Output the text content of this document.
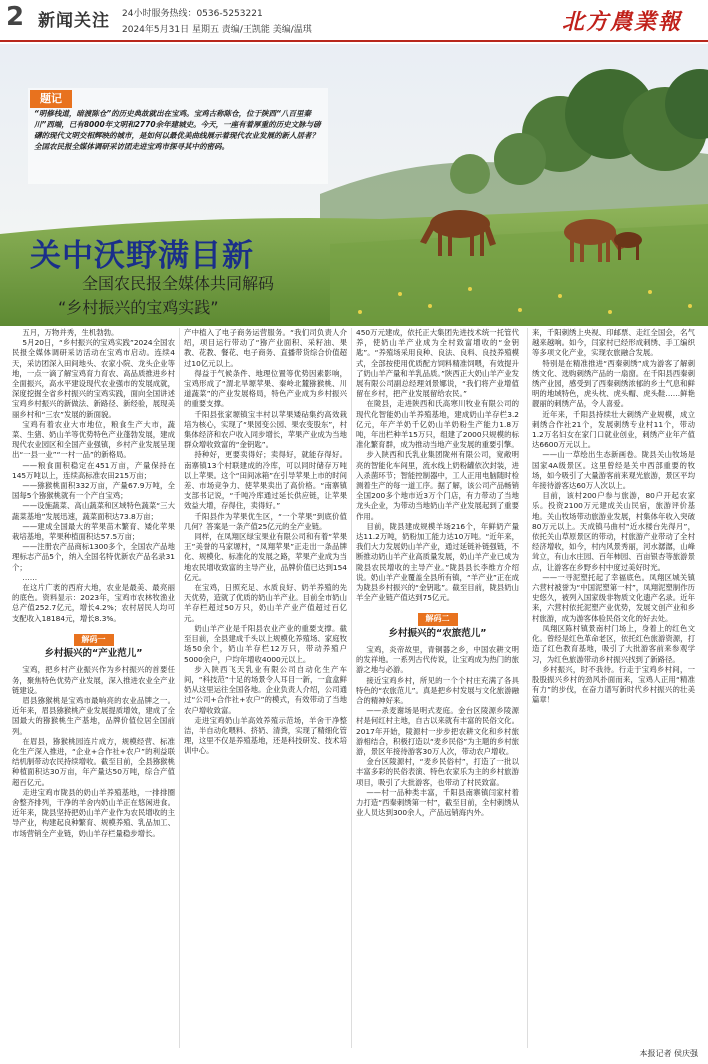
2 新闻关注 24小时服务热线：0536-5253221
2024年5月31日 星期五 责编/王凯能 美编/温琪	北方農業報
题记
“明修栈道，暗渡陈仓”的历史典故就出在宝鸡。宝鸡古称陈仓，位于陕西“八百里秦川”西端，已有8000年文明和2770余年建城史。今天，一座有着厚重的历史文脉与磅礴的现代文明交相辉映的城市，是如何以最优美曲线展示着现代农业发展的新人居者？全国农民报全媒体调研采访团走进宝鸡市探寻其中的密码。
关中沃野满目新
全国农民报全媒体共同解码
“乡村振兴的宝鸡实践”

五月，万物并秀，生机勃勃。

5月20日，“乡村振兴的宝鸡实践”2024全国农民报全媒体调研采访活动在宝鸡市启动。连续4天，采访团深入田间地头、农家小院、龙头企业等地，一点一滴了解宝鸡育力育农、高品质推进乡村全面振兴，高水平建设现代农业强市的发展成就，深度挖掘全省乡村振兴的宝鸡实践，面向全国讲述宝鸡乡村振兴的新做法、新路径、新经验，展现美丽乡村和“三农”发展的新面貌。

宝鸡有着农业大市地位，粮食生产大市，蔬菜、生猪、奶山羊等优势特色产业蓬勃发展，建成现代农业园区和全国产业强镇，乡村产业发展呈现出“一县一业”“一村一品”的新格局。

——粮食面积稳定在451万亩，产量保持在145万吨以上，连续高标准农田215万亩；

——猕猴桃面积332万亩，产量67.9万吨，全国每5个猕猴桃就有一个产自宝鸡；

——设施蔬菜、高山蔬菜和区域特色蔬菜“三大蔬菜基地”发展迅速，蔬菜面积达73.8万亩；

——建成全国最大的苹果苗木繁育、矮化苹果栽培基地，苹果种植面积达57.5万亩；

——注册农产品商标1300多个，全国农产品地理标志产品5个，纳入全国名特优新农产品名录31个；

……

在这片广袤的西府大地，农业是最美、最亮丽的底色。资料显示：2023年，宝鸡市农林牧渔业总产值252.7亿元，增长4.2%；农村居民人均可支配收入18184元，增长8.3%。

解码一
乡村振兴的“产业范儿”

宝鸡，把乡村产业振兴作为乡村振兴的首要任务，聚焦特色优势产业发展，深入推进农业全产业链建设。

眉县猕猴桃是宝鸡市最响亮的农业品牌之一。近年来，眉县猕猴桃产业发展提质增效，建成了全国最大的猕猴桃生产基地，品牌价值位居全国前列。

在眉县，猕猴桃园连片成方，规模经营、标准化生产深入推进，“企业+合作社+农户”的利益联结机制带动农民持续增收。截至目前，全县猕猴桃种植面积达30万亩，年产量达50万吨，综合产值超百亿元。

走进宝鸡市陇县的奶山羊养殖基地，一排排圈舍整齐排列，干净的羊舍内奶山羊正在悠闲进食。近年来，陇县坚持把奶山羊产业作为农民增收的主导产业，构建起良种繁育、规模养殖、乳品加工、市场营销全产业链，奶山羊存栏量稳步增长。

产中植入了电子商务运营服务。“我们司负责人介绍，项目运行带动了“猕产业面积、采籽油、果教、花教、餐花、电子商务、直播带货综合价值超过10亿元以上。

得益于气候条件、地理位置等优势因素影响，宝鸡形成了“渭北旱塬苹果、秦岭北麓猕猴桃、川道蔬菜”的产业发展格局，特色产业成为乡村振兴的重要支撑。

千阳县张家塬镇宝丰村以苹果矮砧集约高效栽培为核心，实现了“果园变公园、果农变股东”，村集体经济和农户收入同步增长，苹果产业成为当地群众增收致富的“金钥匙”。

持种好，更要卖得好；卖得好，就能存得好。南寨镇13个村联建成的冷库，可以同时储存万吨以上苹果。这个“田间冰箱”在引导苹果上市的时间差、市场竞争力、使苹果卖出了高价格。“南寨镇支部书记说，“千吨冷库通过延长供应链，让苹果效益大增，存得住，卖得好。”

千阳县作为苹果优生区，“一个苹果”到底价值几何？答案是一条产值25亿元的全产业链。

同样，在凤翔区绿宝果业有限公司和有着“苹果王”美誉的马家塬村，“凤翔苹果”正走出一条品牌化、规模化、标准化的发展之路，苹果产业成为当地农民增收致富的主导产业，品牌价值已达到154亿元。

在宝鸡，日照充足、水质良好、奶羊养殖的先天优势，造就了优质的奶山羊产业。目前全市奶山羊存栏超过50万只，奶山羊产业产值超过百亿元。

奶山羊产业是千阳县农业产业的重要支撑。截至目前，全县建成千头以上规模化养殖场、家庭牧场50余个，奶山羊存栏12万只，带动养殖户5000余户，户均年增收4000元以上。

步入陕西飞天乳业有限公司自动化生产车间，“科技范”十足的场景令人耳目一新，一盒盒鲜奶从这里运往全国各地。企业负责人介绍，公司通过“公司+合作社+农户”的模式，有效带动了当地农户增收致富。

走进宝鸡奶山羊高效养殖示范场，羊舍干净整洁，半自动化喂料、挤奶、清粪，实现了精细化管理，这里不仅是养殖基地，还是科技研发、技术培训中心。

450万元建成，依托正大集团先进技术统一托管代养，使奶山羊产业成为全村致富增收的“金钥匙”。“养殖场采用良种、良法、良料、良技养殖模式，全部按使用优质配方饲料精准饲喂，有效提升了奶山羊产量和羊乳品质。”陕西正大奶山羊产业发展有限公司副总经理刘景娜说，“我们将产业增值留在乡村，把产业发展留给农民。”

在陇县，走进陕西和氏高寒川牧业有限公司的现代化智能奶山羊养殖基地，建成奶山羊存栏3.2亿元，年产羊奶千亿奶山羊奶粉生产能力1.8万吨，年出栏种羊15万只，组建了2000只规模的标准化繁育群，成为推动当地产业发展的重要引擎。

步入陕西和氏乳业集团陇州有限公司，宽敞明亮的智能化车间里，流水线上奶粉罐依次封装，进入杀菌环节；智能控制器中，工人正用电脑随时检测着生产的每一道工序。据了解，该公司产品畅销全国200多个地市近3万个门店，有力带动了当地龙头企业，为带动当地奶山羊产业发展起到了重要作用。

目前，陇县建成规模羊场216个，年鲜奶产量达11.2万吨，奶粉加工能力达10万吨。“近年来，我们大力发展奶山羊产业，通过延链补链强链，不断推动奶山羊产业高质量发展，奶山羊产业已成为陇县农民增收的主导产业。”陇县县长李维方介绍说。奶山羊产业覆盖全县所有镇，“羊产业”正在成为陇县乡村振兴的“金钥匙”。截至目前，陇县奶山羊全产业链产值达到75亿元。

解码二
乡村振兴的“农旅范儿”

宝鸡，炎帝故里，青铜器之乡，中国农耕文明的发祥地。一系列古代传说，让宝鸡成为热门的旅游之地与必游。

接近宝鸡乡村，所见的一个个村庄充满了各具特色的“农旅范儿”。真是把乡村发展与文化旅游融合的精神好来。

——杀麦谢场是明式麦庭。金台区陵源乡陵源村是何红村主地，自古以来就有丰富的民俗文化。2017年开始，陵源村一步步把农耕文化和乡村旅游相结合，积极打造以“麦乡民俗”为主题的乡村旅游，景区年接待游客30万人次，带动农户增收。

金台区陵源村，“麦乡民俗村”，打造了一批以丰富多彩的民俗表演、特色农家乐为主的乡村旅游项目，吸引了大批游客，也带动了村民致富。

——村一品种类丰富，千阳县南寨镇闫家村着力打造“西秦刺绣第一村”，截至目前，全村刺绣从业人员达到300余人，产品远销海内外。

来，千阳刺绣上央视、印邮票、走红全国会，名气越来越响。如今，闫家村已经形成刺绣、手工编织等多项文化产业，实现农旅融合发展。

特别是在精准推进“西秦刺绣”成为游客了解刺绣文化、选购刺绣产品的一扇窗。在千阳县西秦刺绣产业园，感受到了西秦刺绣浓郁的乡土气息和鲜明的地域特色，虎头枕、虎头帽、虎头鞋……鲜艳靓丽的刺绣产品，令人喜爱。

近年来，千阳县持续壮大刺绣产业规模，成立刺绣合作社21个，发展刺绣专业村11个，带动1.2万名妇女在家门口就业创业，刺绣产业年产值达6600万元以上。

——山一草绘出生态新画卷。陇县关山牧场是国家4A级景区。这里曾经是关中西部重要的牧场，如今吸引了大量游客前来观光旅游，景区平均年接待游客达60万人次以上。

目前，该村200户参与旅游，80户开起农家乐。投资2100万元建成关山民宿，旅游评价基地。关山牧场带动旅游业发展，村集体年收入突破80万元以上。天成镇马曲村“近水楼台先得月”，依托关山草原景区的带动，村旅游产业带动了全村经济增收，如今，村内风景秀丽，河水潺潺，山峰耸立，有山水庄园、百年柿园、百亩银杏等旅游景点，让游客在乡野乡村中度过美好时光。

——一寻泥塑托起了幸福底色。凤翔区城关镇六营村被誉为“中国泥塑第一村”，凤翔泥塑制作历史悠久，被列入国家级非物质文化遗产名录。近年来，六营村依托泥塑产业优势，发展文创产业和乡村旅游，成为游客体验民俗文化的好去处。

凤翔区陈村镇景南村门场上，身着上的红色文化。曾经是红色革命老区，依托红色旅游资源，打造了红色教育基地，吸引了大批游客前来参观学习，为红色旅游带动乡村振兴找到了新路径。

乡村振兴，时不我待。行走于宝鸡乡村间，一股股振兴乡村的劲风扑面而来，宝鸡人正用“精准有力”的步伐，在奋力谱写新时代乡村振兴的壮美篇章！

本报记者 侯庆强
